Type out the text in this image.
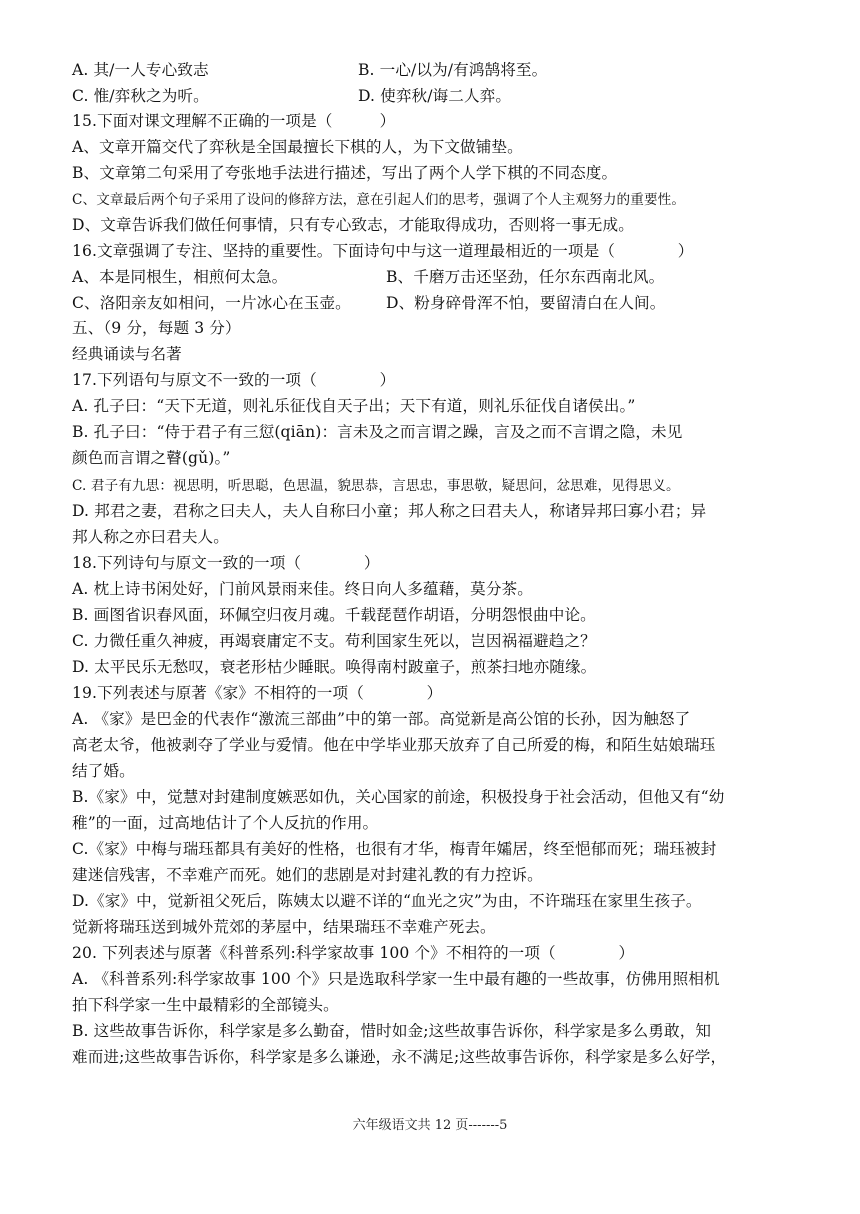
A. 其/一人专心致志	B. 一心/以为/有鸿鹄将至。
C. 惟/弈秋之为听。	D. 使弈秋/诲二人弈。
15.下面对课文理解不正确的一项是（　　　）
A、文章开篇交代了弈秋是全国最擅长下棋的人，为下文做铺垫。
B、文章第二句采用了夸张地手法进行描述，写出了两个人学下棋的不同态度。
C、文章最后两个句子采用了设问的修辞方法，意在引起人们的思考，强调了个人主观努力的重要性。
D、文章告诉我们做任何事情，只有专心致志，才能取得成功，否则将一事无成。
16.文章强调了专注、坚持的重要性。下面诗句中与这一道理最相近的一项是（　　　　）
A、本是同根生，相煎何太急。	B、千磨万击还坚劲，任尔东西南北风。
C、洛阳亲友如相问，一片冰心在玉壶。 D、粉身碎骨浑不怕，要留清白在人间。
五、（9 分，每题 3 分）
经典诵读与名著
17.下列语句与原文不一致的一项（　　　　）
A. 孔子曰：“天下无道，则礼乐征伐自天子出；天下有道，则礼乐征伐自诸侯出。”
B. 孔子曰：“侍于君子有三愆(qiān)：言未及之而言谓之躁，言及之而不言谓之隐，未见
颜色而言谓之瞽(gǔ)。”
C. 君子有九思：视思明，听思聪，色思温，貌思恭，言思忠，事思敬，疑思问，忿思难，见得思义。
D. 邦君之妻，君称之曰夫人，夫人自称曰小童；邦人称之曰君夫人，称诸异邦曰寡小君；异
邦人称之亦曰君夫人。
18.下列诗句与原文一致的一项（　　　　）
A. 枕上诗书闲处好，门前风景雨来佳。终日向人多蕴藉，莫分茶。
B. 画图省识春风面，环佩空归夜月魂。千载琵琶作胡语，分明怨恨曲中论。
C. 力微任重久神疲，再竭衰庸定不支。苟利国家生死以，岂因祸福避趋之？
D. 太平民乐无愁叹，衰老形枯少睡眠。唤得南村跛童子，煎茶扫地亦随缘。
19.下列表述与原著《家》不相符的一项（　　　　）
A. 《家》是巴金的代表作“激流三部曲”中的第一部。高觉新是高公馆的长孙，因为触怒了
高老太爷，他被剥夺了学业与爱情。他在中学毕业那天放弃了自己所爱的梅，和陌生姑娘瑞珏
结了婚。
B.《家》中，觉慧对封建制度嫉恶如仇，关心国家的前途，积极投身于社会活动，但他又有“幼
稚”的一面，过高地估计了个人反抗的作用。
C.《家》中梅与瑞珏都具有美好的性格，也很有才华，梅青年孀居，终至悒郁而死；瑞珏被封
建迷信残害，不幸难产而死。她们的悲剧是对封建礼教的有力控诉。
D.《家》中，觉新祖父死后，陈姨太以避不详的“血光之灾”为由，不许瑞珏在家里生孩子。
觉新将瑞珏送到城外荒郊的茅屋中，结果瑞珏不幸难产死去。
20. 下列表述与原著《科普系列:科学家故事 100 个》不相符的一项（　　　　）
A. 《科普系列:科学家故事 100 个》只是选取科学家一生中最有趣的一些故事，仿佛用照相机
拍下科学家一生中最精彩的全部镜头。
B. 这些故事告诉你，科学家是多么勤奋，惜时如金;这些故事告诉你，科学家是多么勇敢，知
难而进;这些故事告诉你，科学家是多么谦逊，永不满足;这些故事告诉你，科学家是多么好学，
六年级语文共 12 页-------5
